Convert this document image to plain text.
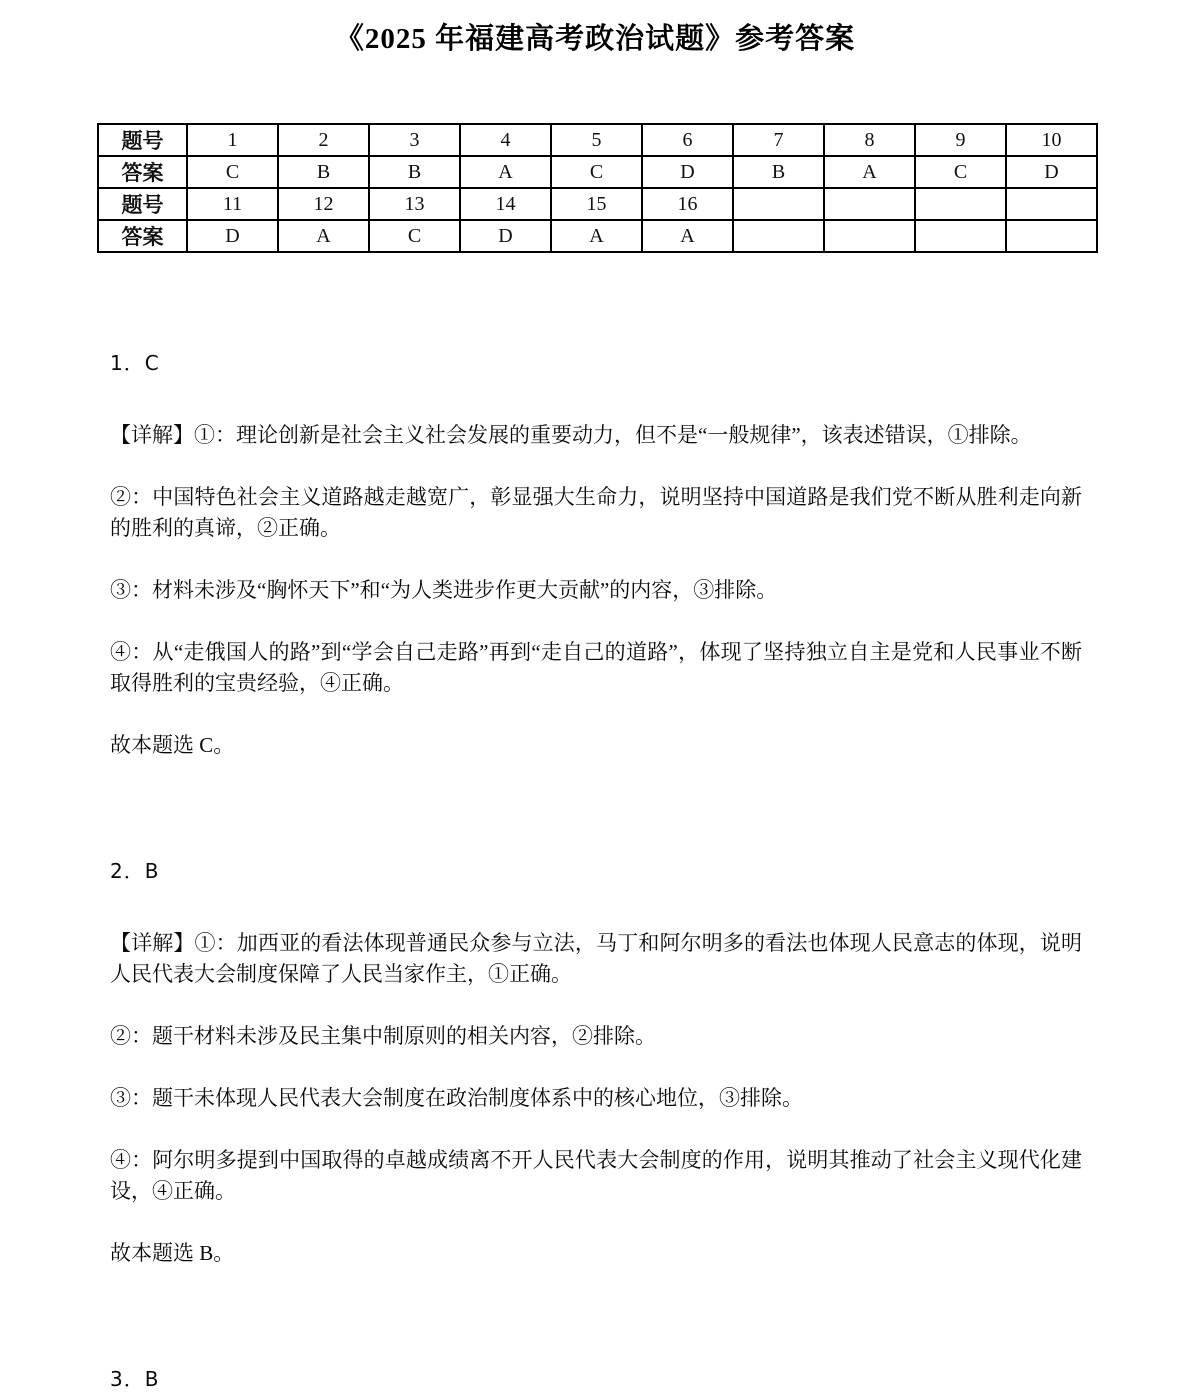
《2025 年福建高考政治试题》参考答案
题号	1	2	3	4	5	6	7	8	9	10
答案	C	B	B	A	C	D	B	A	C	D
题号	11	12	13	14	15	16				
答案	D	A	C	D	A	A				
1．C

【详解】①：理论创新是社会主义社会发展的重要动力，但不是“一般规律”，该表述错误，①排除。

②：中国特色社会主义道路越走越宽广，彰显强大生命力，说明坚持中国道路是我们党不断从胜利走向新的胜利的真谛，②正确。

③：材料未涉及“胸怀天下”和“为人类进步作更大贡献”的内容，③排除。

④：从“走俄国人的路”到“学会自己走路”再到“走自己的道路”，体现了坚持独立自主是党和人民事业不断取得胜利的宝贵经验，④正确。

故本题选 C。

2．B

【详解】①：加西亚的看法体现普通民众参与立法，马丁和阿尔明多的看法也体现人民意志的体现，说明人民代表大会制度保障了人民当家作主，①正确。

②：题干材料未涉及民主集中制原则的相关内容，②排除。

③：题干未体现人民代表大会制度在政治制度体系中的核心地位，③排除。

④：阿尔明多提到中国取得的卓越成绩离不开人民代表大会制度的作用，说明其推动了社会主义现代化建设，④正确。

故本题选 B。

3．B
